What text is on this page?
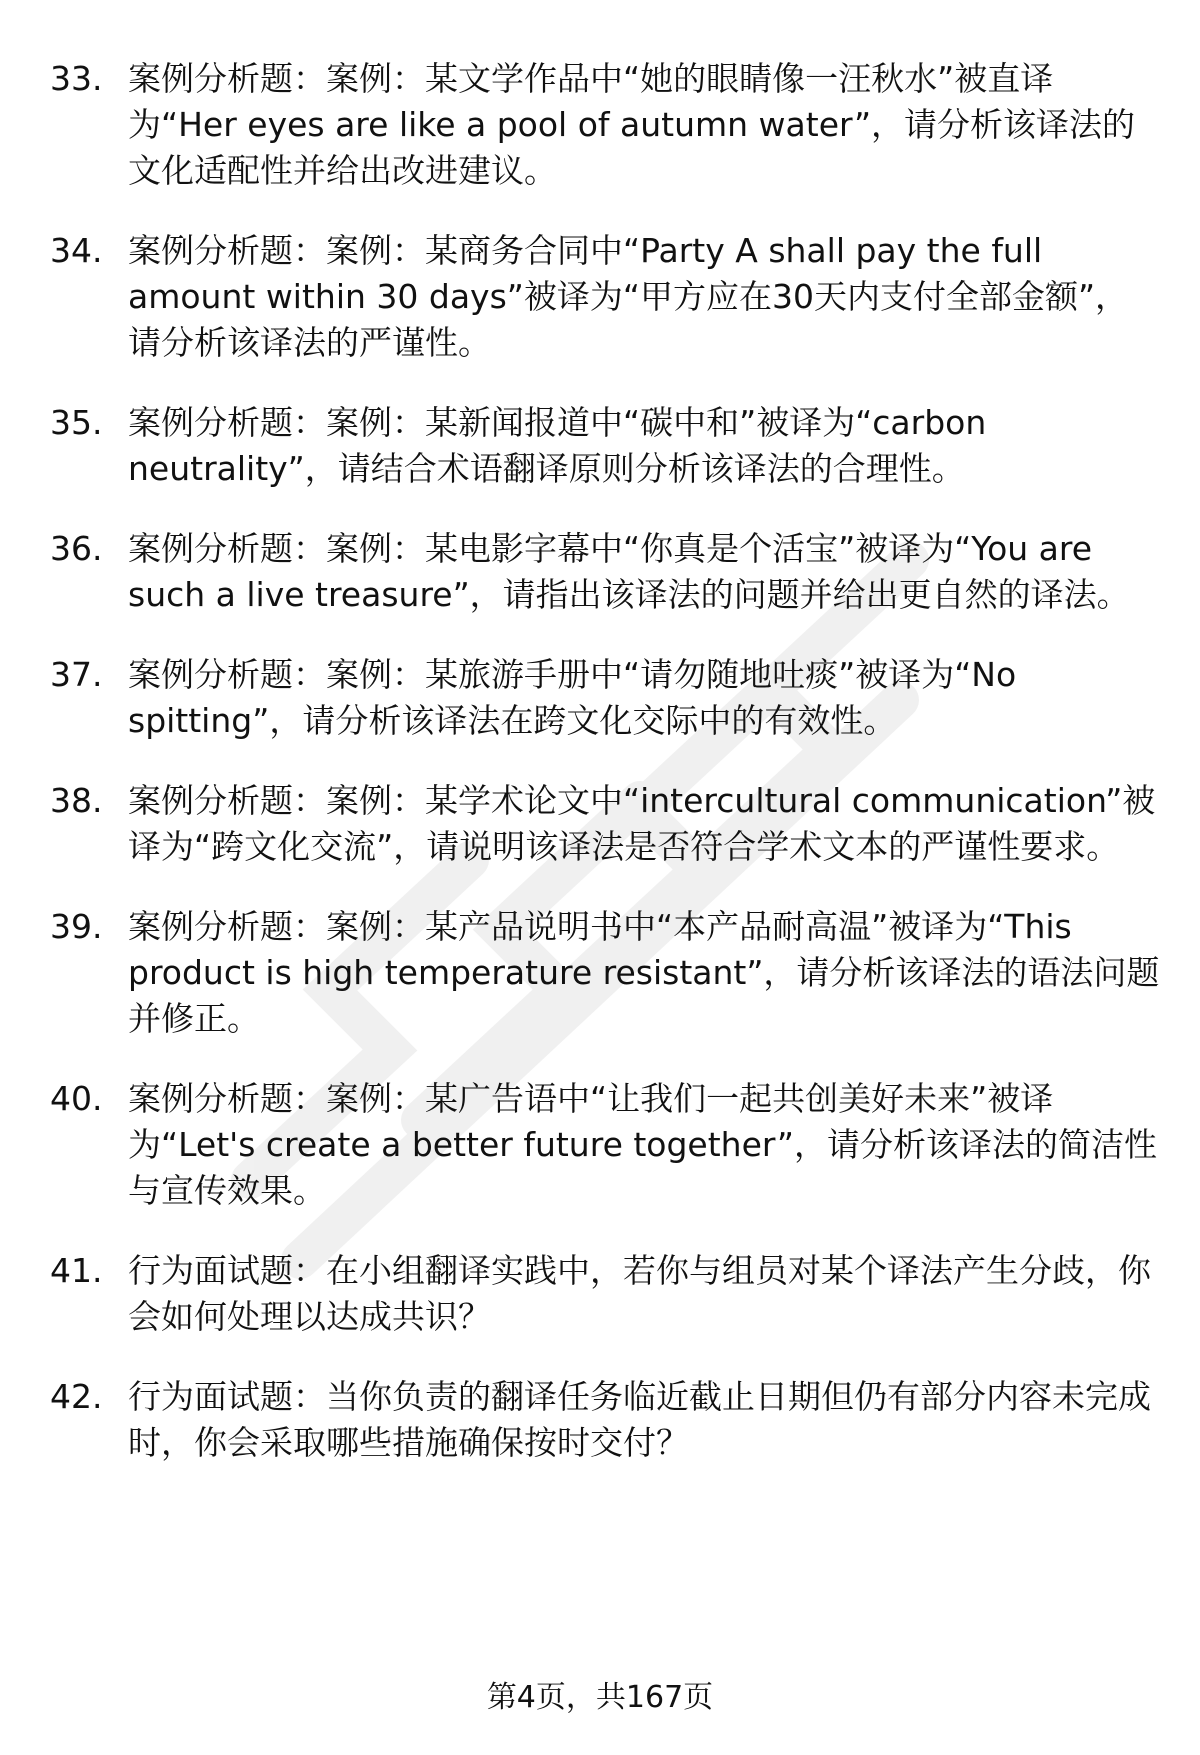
33. 案例分析题：案例：某文学作品中“她的眼睛像一汪秋水”被直译为“Her eyes are like a pool of autumn water”，请分析该译法的文化适配性并给出改进建议。
34. 案例分析题：案例：某商务合同中“Party A shall pay the full amount within 30 days”被译为“甲方应在30天内支付全部金额”，请分析该译法的严谨性。
35. 案例分析题：案例：某新闻报道中“碳中和”被译为“carbon neutrality”，请结合术语翻译原则分析该译法的合理性。
36. 案例分析题：案例：某电影字幕中“你真是个活宝”被译为“You are such a live treasure”，请指出该译法的问题并给出更自然的译法。
37. 案例分析题：案例：某旅游手册中“请勿随地吐痰”被译为“No spitting”，请分析该译法在跨文化交际中的有效性。
38. 案例分析题：案例：某学术论文中“intercultural communication”被译为“跨文化交流”，请说明该译法是否符合学术文本的严谨性要求。
39. 案例分析题：案例：某产品说明书中“本产品耐高温”被译为“This product is high temperature resistant”，请分析该译法的语法问题并修正。
40. 案例分析题：案例：某广告语中“让我们一起共创美好未来”被译为“Let's create a better future together”，请分析该译法的简洁性与宣传效果。
41. 行为面试题：在小组翻译实践中，若你与组员对某个译法产生分歧，你会如何处理以达成共识？
42. 行为面试题：当你负责的翻译任务临近截止日期但仍有部分内容未完成时，你会采取哪些措施确保按时交付？
第4页，共167页
